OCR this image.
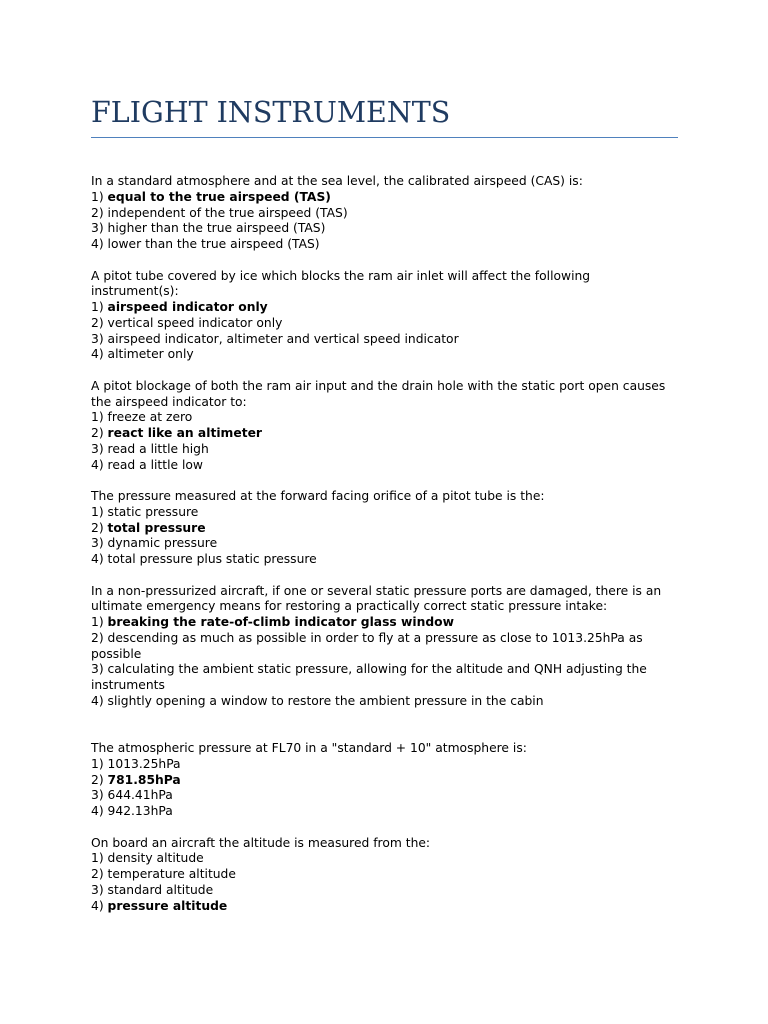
FLIGHT INSTRUMENTS
In a standard atmosphere and at the sea level, the calibrated airspeed (CAS) is:
1) equal to the true airspeed (TAS)
2) independent of the true airspeed (TAS)
3) higher than the true airspeed (TAS)
4) lower than the true airspeed (TAS)
A pitot tube covered by ice which blocks the ram air inlet will affect the following instrument(s):
1) airspeed indicator only
2) vertical speed indicator only
3) airspeed indicator, altimeter and vertical speed indicator
4) altimeter only
A pitot blockage of both the ram air input and the drain hole with the static port open causes the airspeed indicator to:
1) freeze at zero
2) react like an altimeter
3) read a little high
4) read a little low
The pressure measured at the forward facing orifice of a pitot tube is the:
1) static pressure
2) total pressure
3) dynamic pressure
4) total pressure plus static pressure
In a non-pressurized aircraft, if one or several static pressure ports are damaged, there is an ultimate emergency means for restoring a practically correct static pressure intake:
1) breaking the rate-of-climb indicator glass window
2) descending as much as possible in order to fly at a pressure as close to 1013.25hPa as possible
3) calculating the ambient static pressure, allowing for the altitude and QNH adjusting the instruments
4) slightly opening a window to restore the ambient pressure in the cabin
The atmospheric pressure at FL70 in a "standard + 10" atmosphere is:
1) 1013.25hPa
2) 781.85hPa
3) 644.41hPa
4) 942.13hPa
On board an aircraft the altitude is measured from the:
1) density altitude
2) temperature altitude
3) standard altitude
4) pressure altitude
